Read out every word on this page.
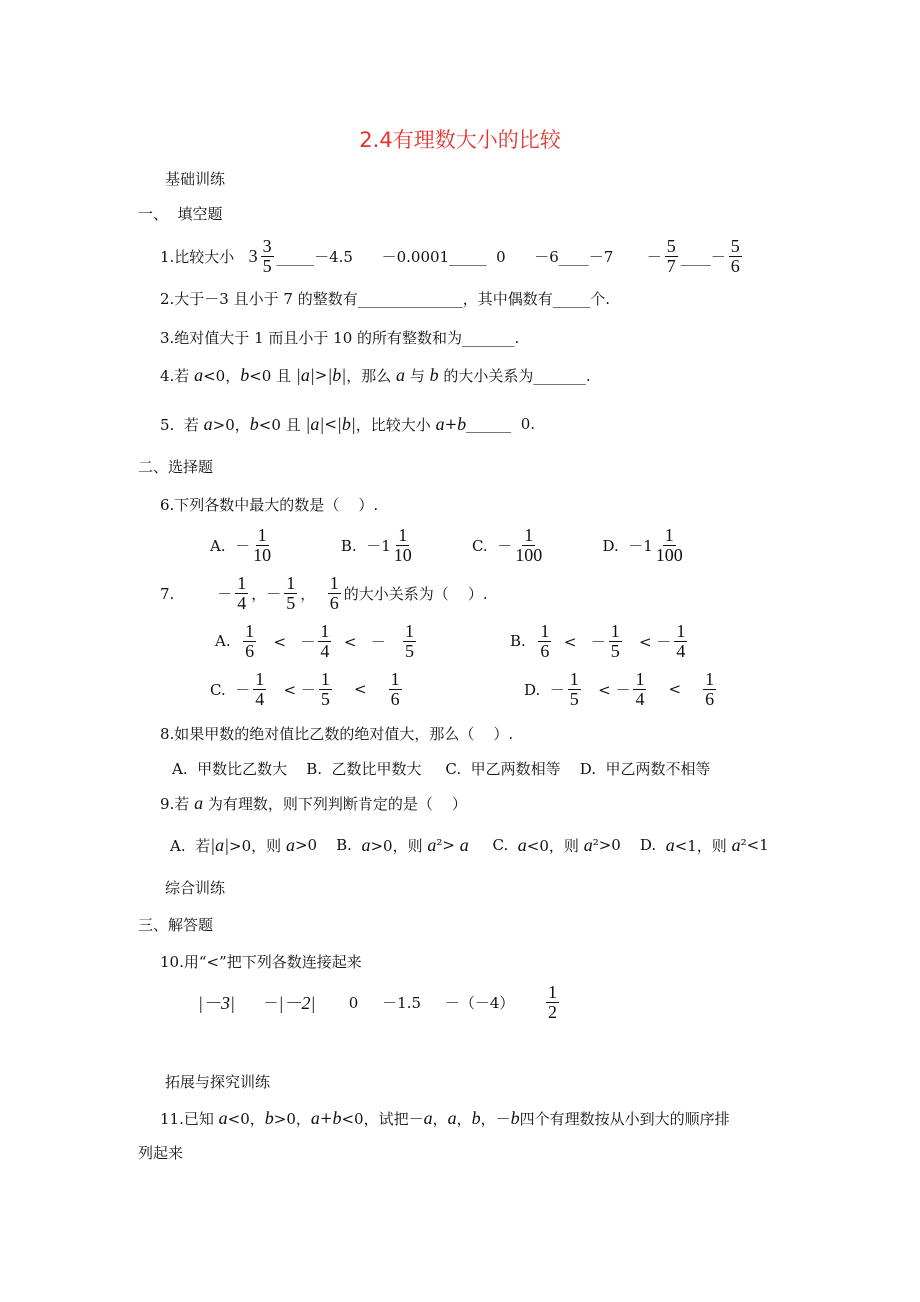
2.4有理数大小的比较
基础训练
一、  填空题
1.比较大小 $3 \frac{3}{5}$ _____－4.5      －0.0001_____  0      －6____－7       － $\frac{5}{7}$ ____－ $\frac{5}{6}$
2.大于－3 且小于 7 的整数有______________，其中偶数有_____个.
3.绝对值大于 1 而且小于 10 的所有整数和为_______.
4.若 a <0， b <0 且 |a| > |b| ，那么 a 与 b 的大小关系为_______.
5.  若 a >0， b <0 且 |a| < |b| ，比较大小 a + b ______  0.
二、选择题
6.下列各数中最大的数是（    ）.
A.  － $\frac{1}{10} B$.  $-1 \frac{1}{10} C$.  － $\frac{1}{100} D$.  $-1 \frac{1}{100}$
7.         － $\frac{1}{4}$ ，－ $\frac{1}{5}$ ， $\frac{1}{6}$ 的大小关系为（    ）.
A. $\frac{1}{6}$ <   － $\frac{1}{4}$ <   － $\frac{1}{5}$	B. $\frac{1}{6}$ <   － $\frac{1}{5}$ < － $\frac{1}{4}$
C.  － $\frac{1}{4}$ < － $\frac{1}{5} < \frac{1}{6}$	D.  － $\frac{1}{5}$ < － $\frac{1}{4} < \frac{1}{6}$
8.如果甲数的绝对值比乙数的绝对值大，那么（    ）.
A.  甲数比乙数大    B.  乙数比甲数大     C.  甲乙两数相等    D.  甲乙两数不相等
9.若 a 为有理数，则下列判断肯定的是（    ）
A.  若 |a| >0，则 a >0    B. a >0，则 a ²> a C. a <0，则 a ²>0    D. a <1，则 a ²<1
综合训练
三、解答题
10.用“<”把下列各数连接起来
|－3| － |－2| 0     －1.5     $-(-4) \frac{1}{2}$
拓展与探究训练
11.已知 a <0， b >0， a + b <0，试把－ a ， a ， b ，－ b 四个有理数按从小到大的顺序排
列起来
